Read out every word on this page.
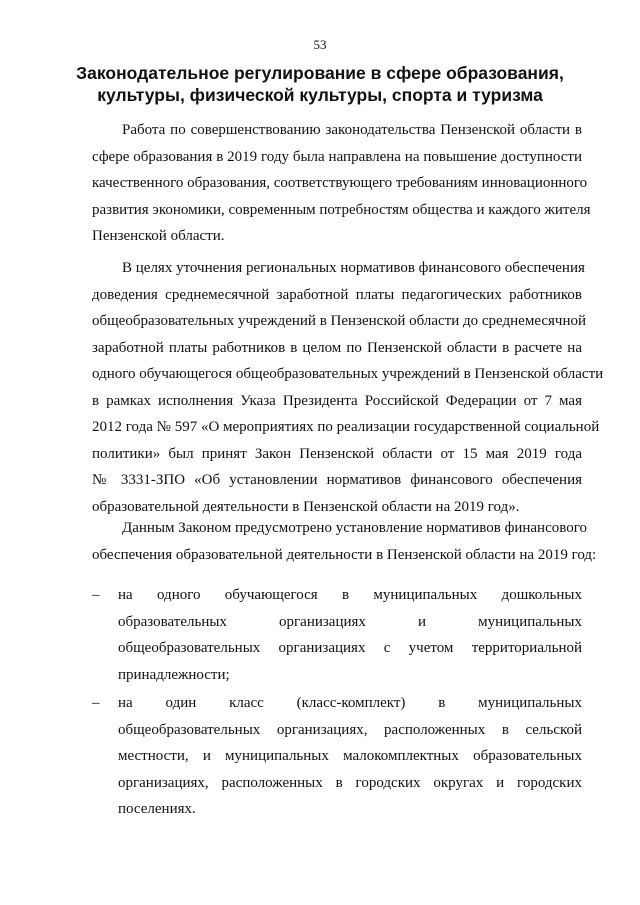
53
Законодательное регулирование в сфере образования,
культуры, физической культуры, спорта и туризма
Работа по совершенствованию законодательства Пензенской области в
сфере образования в 2019 году была направлена на повышение доступности
качественного образования, соответствующего требованиям инновационного
развития экономики, современным потребностям общества и каждого жителя
Пензенской области.
В целях уточнения региональных нормативов финансового обеспечения
доведения среднемесячной заработной платы педагогических работников
общеобразовательных учреждений в Пензенской области до среднемесячной
заработной платы работников в целом по Пензенской области в расчете на
одного обучающегося общеобразовательных учреждений в Пензенской области
в рамках исполнения Указа Президента Российской Федерации от 7 мая
2012 года № 597 «О мероприятиях по реализации государственной социальной
политики» был принят Закон Пензенской области от 15 мая 2019 года
№ 3331-ЗПО «Об установлении нормативов финансового обеспечения
образовательной деятельности в Пензенской области на 2019 год».
Данным Законом предусмотрено установление нормативов финансового
обеспечения образовательной деятельности в Пензенской области на 2019 год:
– на одного обучающегося в муниципальных дошкольных
образовательных организациях и муниципальных
общеобразовательных организациях с учетом территориальной
принадлежности;
– на один класс (класс-комплект) в муниципальных
общеобразовательных организациях, расположенных в сельской
местности, и муниципальных малокомплектных образовательных
организациях, расположенных в городских округах и городских
поселениях.
